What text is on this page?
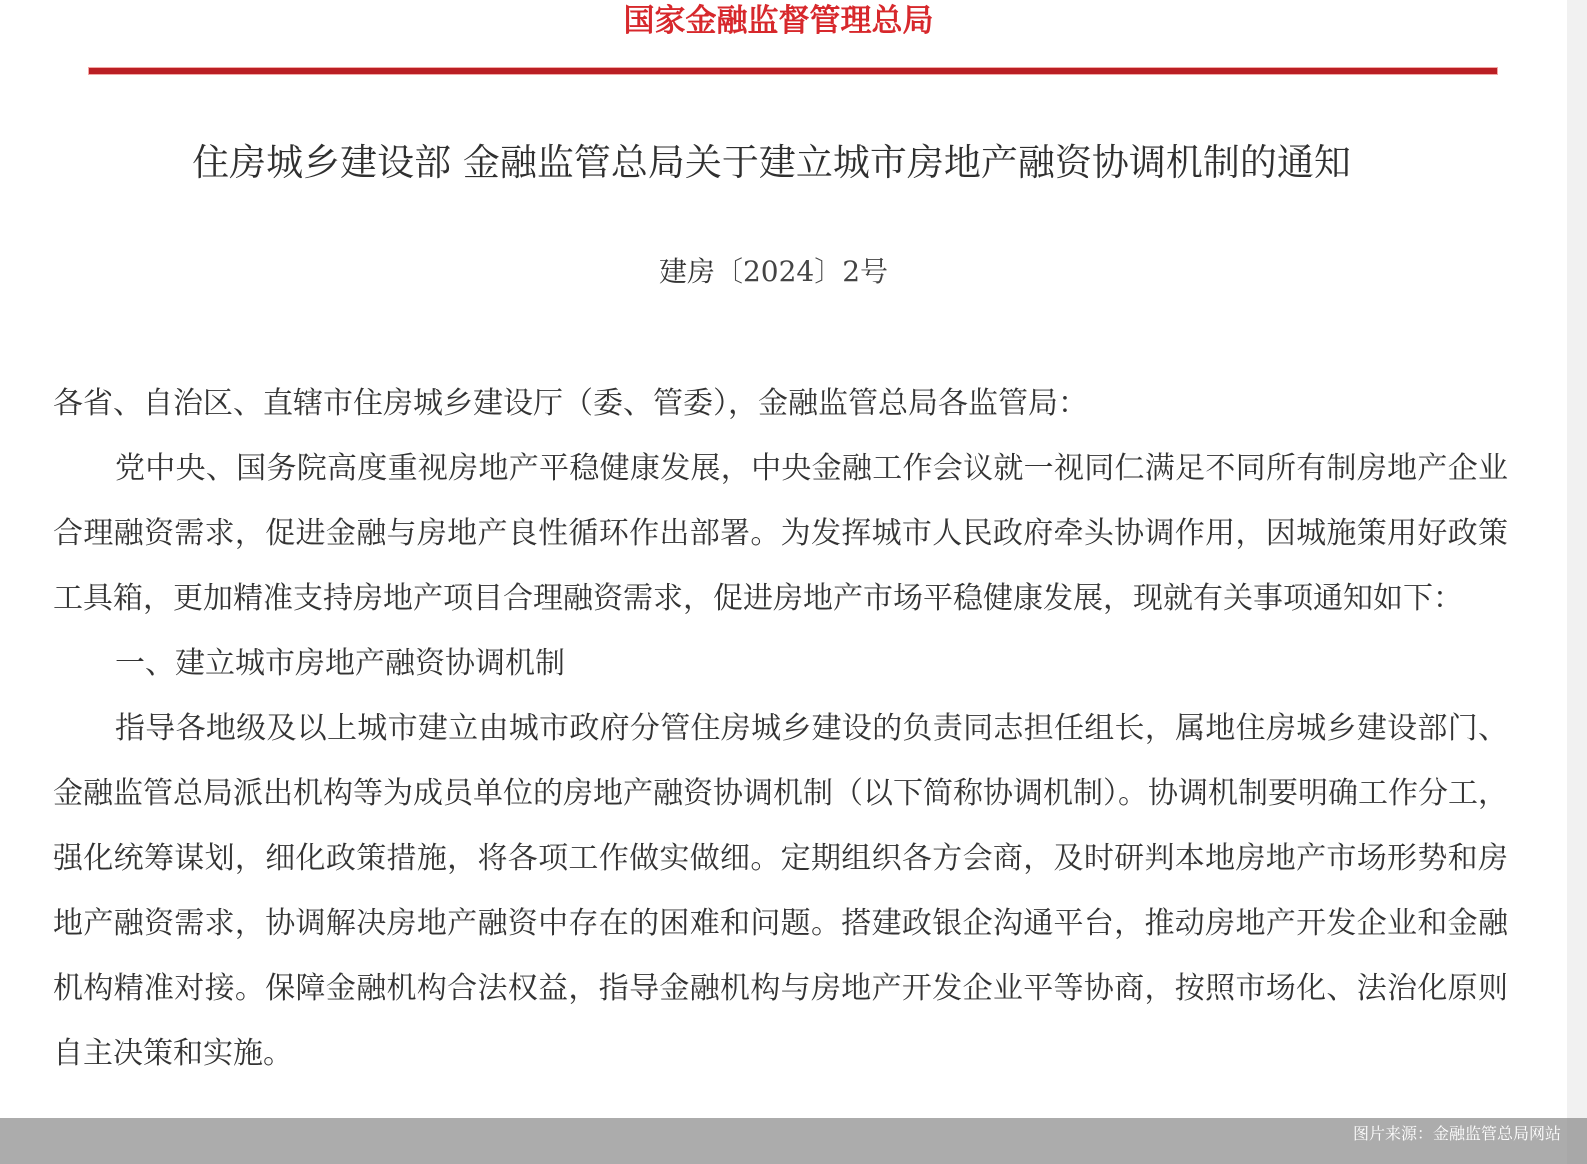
国家金融监督管理总局
住房城乡建设部 金融监管总局关于建立城市房地产融资协调机制的通知
建房〔2024〕2号

各省、自治区、直辖市住房城乡建设厅（委、管委），金融监管总局各监管局：

党中央、国务院高度重视房地产平稳健康发展，中央金融工作会议就一视同仁满足不同所有制房地产企业合理融资需求，促进金融与房地产良性循环作出部署。为发挥城市人民政府牵头协调作用，因城施策用好政策工具箱，更加精准支持房地产项目合理融资需求，促进房地产市场平稳健康发展，现就有关事项通知如下：

一、建立城市房地产融资协调机制

指导各地级及以上城市建立由城市政府分管住房城乡建设的负责同志担任组长，属地住房城乡建设部门、金融监管总局派出机构等为成员单位的房地产融资协调机制（以下简称协调机制）。协调机制要明确工作分工，强化统筹谋划，细化政策措施，将各项工作做实做细。定期组织各方会商，及时研判本地房地产市场形势和房地产融资需求，协调解决房地产融资中存在的困难和问题。搭建政银企沟通平台，推动房地产开发企业和金融机构精准对接。保障金融机构合法权益，指导金融机构与房地产开发企业平等协商，按照市场化、法治化原则自主决策和实施。

图片来源：金融监管总局网站
